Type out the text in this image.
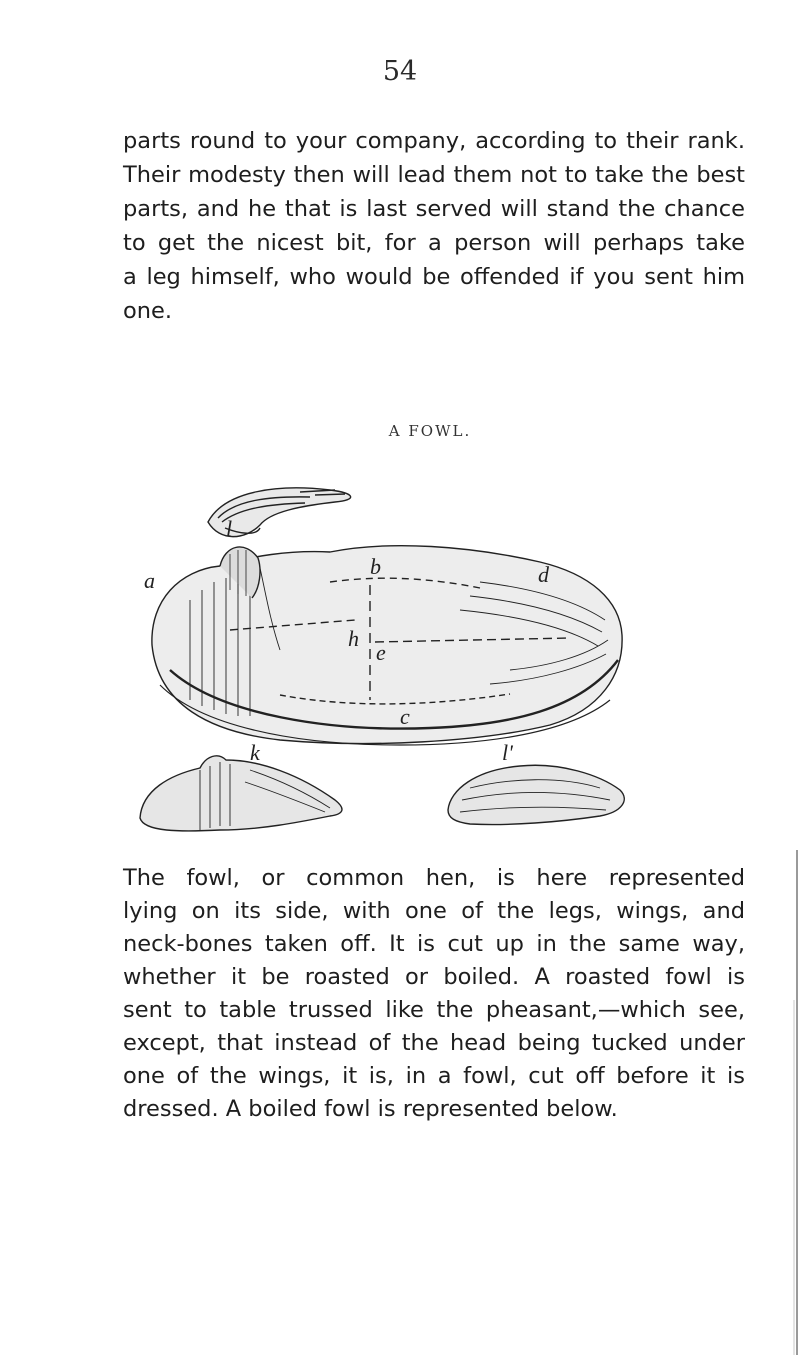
54
parts round to your company, according to their rank.
Their modesty then will lead them not to take the best
parts, and he that is last served will stand the chance
to get the nicest bit, for a person will perhaps take
a leg himself, who would be offended if you sent him
one.
A FOWL.
l
a
b	d
h
e
c
k	l'
The fowl, or common hen, is here represented
lying on its side, with one of the legs, wings, and
neck-bones taken off. It is cut up in the same way,
whether it be roasted or boiled. A roasted fowl is
sent to table trussed like the pheasant,—which see,
except, that instead of the head being tucked under
one of the wings, it is, in a fowl, cut off before it is
dressed. A boiled fowl is represented below.
